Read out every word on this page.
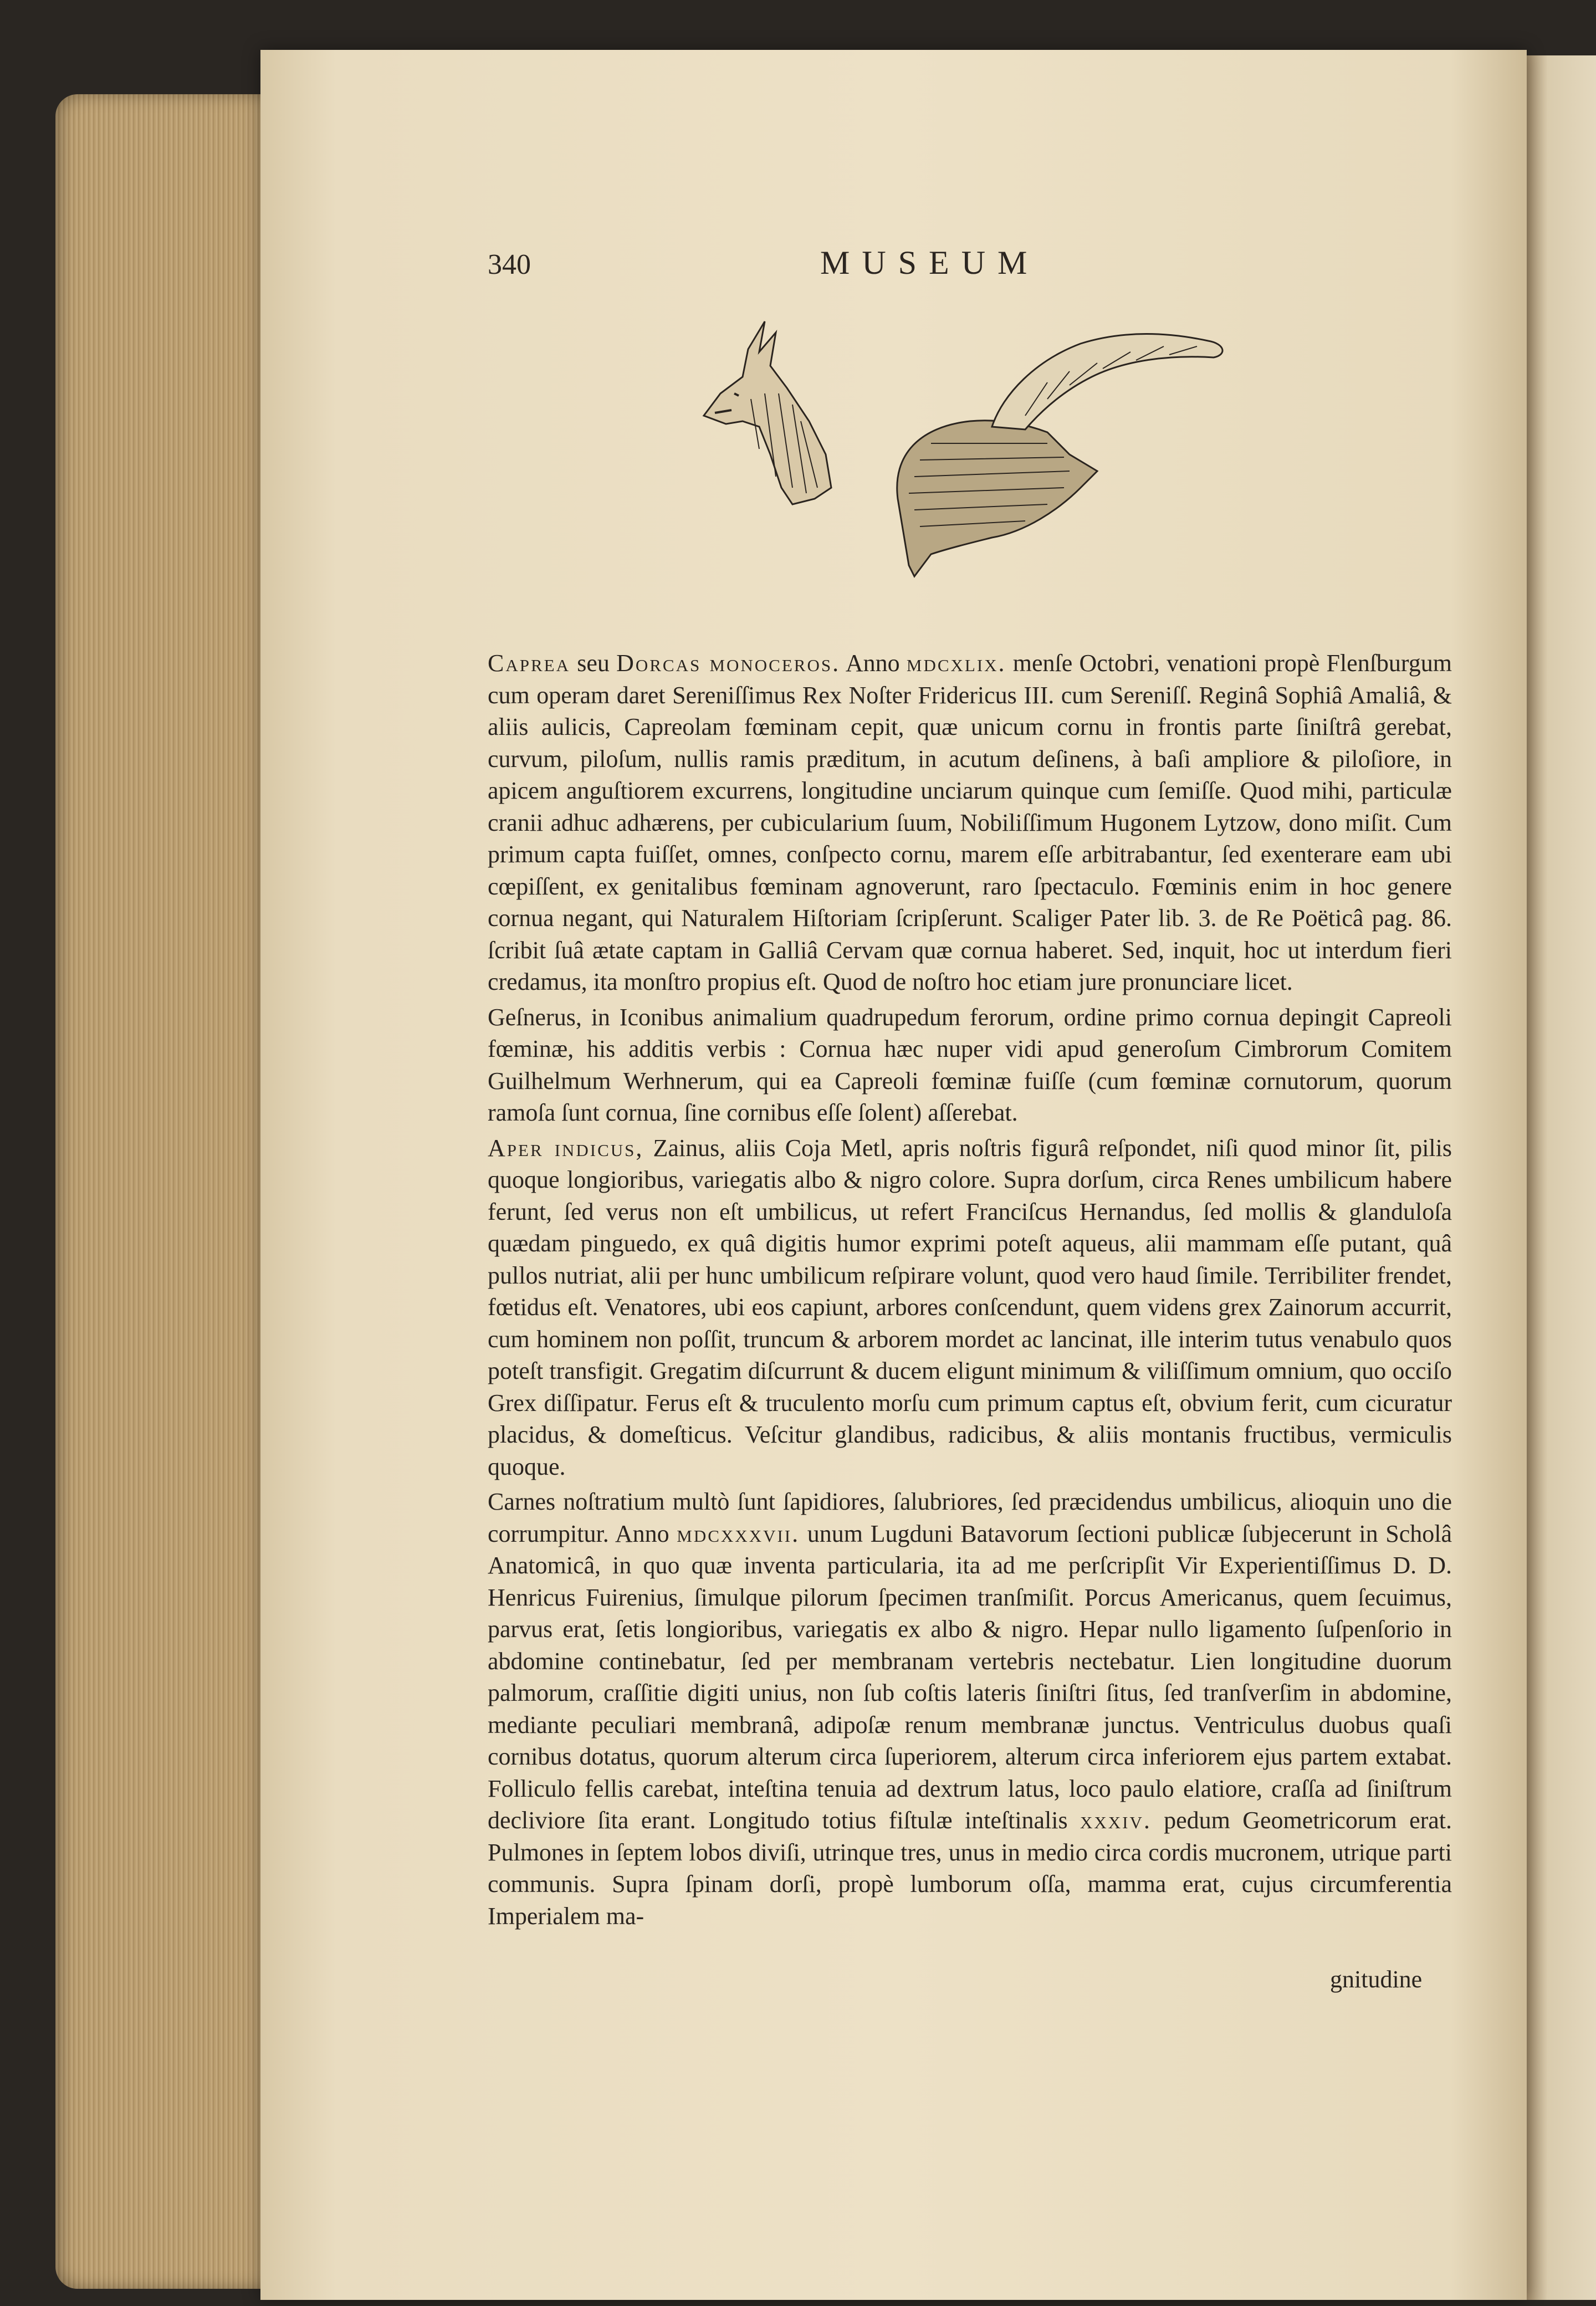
340	MUSEUM

Caprea seu Dorcas monoceros. Anno mdcxlix. menſe Octobri, venationi propè Flenſburgum cum operam daret Sereniſſimus Rex Noſter Fridericus III. cum Sereniſſ. Reginâ Sophiâ Amaliâ, & aliis aulicis, Capreolam fœminam cepit, quæ unicum cornu in frontis parte ſiniſtrâ gerebat, curvum, piloſum, nullis ramis præditum, in acutum deſinens, à baſi ampliore & piloſiore, in apicem anguſtiorem excurrens, longitudine unciarum quinque cum ſemiſſe. Quod mihi, particulæ cranii adhuc adhærens, per cubicularium ſuum, Nobiliſſimum Hugonem Lytzow, dono miſit. Cum primum capta fuiſſet, omnes, conſpecto cornu, marem eſſe arbitrabantur, ſed exenterare eam ubi cœpiſſent, ex genitalibus fœminam agnoverunt, raro ſpectaculo. Fœminis enim in hoc genere cornua negant, qui Naturalem Hiſtoriam ſcripſerunt. Scaliger Pater lib. 3. de Re Poëticâ pag. 86. ſcribit ſuâ ætate captam in Galliâ Cervam quæ cornua haberet. Sed, inquit, hoc ut interdum fieri credamus, ita monſtro propius eſt. Quod de noſtro hoc etiam jure pronunciare licet.

Geſnerus, in Iconibus animalium quadrupedum ferorum, ordine primo cornua depingit Capreoli fœminæ, his additis verbis : Cornua hæc nuper vidi apud generoſum Cimbrorum Comitem Guilhelmum Werhnerum, qui ea Capreoli fœminæ fuiſſe (cum fœminæ cornutorum, quorum ramoſa ſunt cornua, ſine cornibus eſſe ſolent) aſſerebat.

Aper indicus, Zainus, aliis Coja Metl, apris noſtris figurâ reſpondet, niſi quod minor ſit, pilis quoque longioribus, variegatis albo & nigro colore. Supra dorſum, circa Renes umbilicum habere ferunt, ſed verus non eſt umbilicus, ut refert Franciſcus Hernandus, ſed mollis & glanduloſa quædam pinguedo, ex quâ digitis humor exprimi poteſt aqueus, alii mammam eſſe putant, quâ pullos nutriat, alii per hunc umbilicum reſpirare volunt, quod vero haud ſimile. Terribiliter frendet, fœtidus eſt. Venatores, ubi eos capiunt, arbores conſcendunt, quem videns grex Zainorum accurrit, cum hominem non poſſit, truncum & arborem mordet ac lancinat, ille interim tutus venabulo quos poteſt transfigit. Gregatim diſcurrunt & ducem eligunt minimum & viliſſimum omnium, quo occiſo Grex diſſipatur. Ferus eſt & truculento morſu cum primum captus eſt, obvium ferit, cum cicuratur placidus, & domeſticus. Veſcitur glandibus, radicibus, & aliis montanis fructibus, vermiculis quoque.

Carnes noſtratium multò ſunt ſapidiores, ſalubriores, ſed præcidendus umbilicus, alioquin uno die corrumpitur. Anno mdcxxxvii. unum Lugduni Batavorum ſectioni publicæ ſubjecerunt in Scholâ Anatomicâ, in quo quæ inventa particularia, ita ad me perſcripſit Vir Experientiſſimus D. D. Henricus Fuirenius, ſimulque pilorum ſpecimen tranſmiſit. Porcus Americanus, quem ſecuimus, parvus erat, ſetis longioribus, variegatis ex albo & nigro. Hepar nullo ligamento ſuſpenſorio in abdomine continebatur, ſed per membranam vertebris nectebatur. Lien longitudine duorum palmorum, craſſitie digiti unius, non ſub coſtis lateris ſiniſtri ſitus, ſed tranſverſim in abdomine, mediante peculiari membranâ, adipoſæ renum membranæ junctus. Ventriculus duobus quaſi cornibus dotatus, quorum alterum circa ſuperiorem, alterum circa inferiorem ejus partem extabat. Folliculo fellis carebat, inteſtina tenuia ad dextrum latus, loco paulo elatiore, craſſa ad ſiniſtrum decliviore ſita erant. Longitudo totius fiſtulæ inteſtinalis xxxiv. pedum Geometricorum erat. Pulmones in ſeptem lobos diviſi, utrinque tres, unus in medio circa cordis mucronem, utrique parti communis. Supra ſpinam dorſi, propè lumborum oſſa, mamma erat, cujus circumferentia Imperialem ma-

gnitudine
